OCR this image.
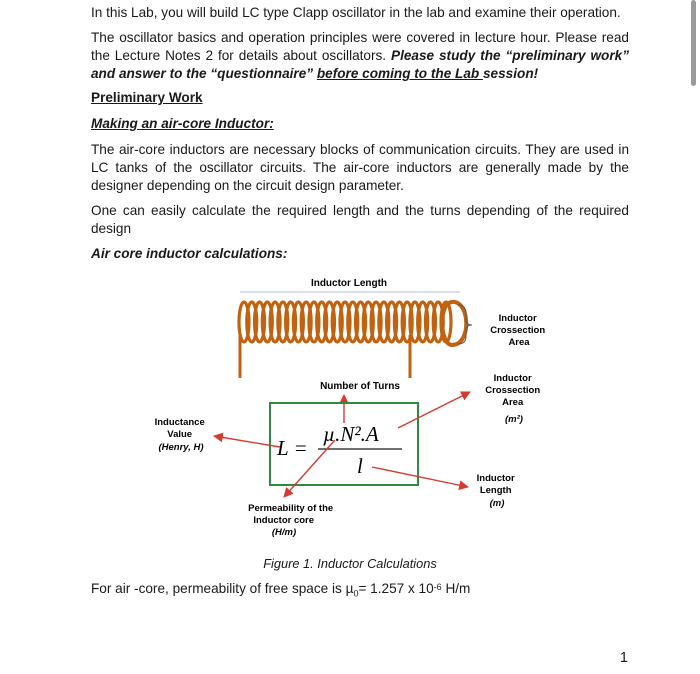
In this Lab, you will build LC type Clapp oscillator in the lab and examine their operation.

The oscillator basics and operation principles were covered in lecture hour. Please read the Lecture Notes 2 for details about oscillators. Please study the “preliminary work” and answer to the “questionnaire” before coming to the Lab session!

Preliminary Work

Making an air-core Inductor:

The air-core inductors are necessary blocks of communication circuits. They are used in LC tanks of the oscillator circuits. The air-core inductors are generally made by the designer depending on the circuit design parameter.

One can easily calculate the required length and the turns depending of the required design

Air core inductor calculations:

Inductor Length
Inductor Crossection Area
Number of Turns
L =
µ.N².A
l
Inductance Value (Henry, H)
Inductor Crossection Area (m²)
Inductor Length (m)
Permeability of the Inductor core (H/m)
Figure 1. Inductor Calculations

For air -core, permeability of free space is µ$_0$= 1.257 x $10^{-6}$ H/m

1
